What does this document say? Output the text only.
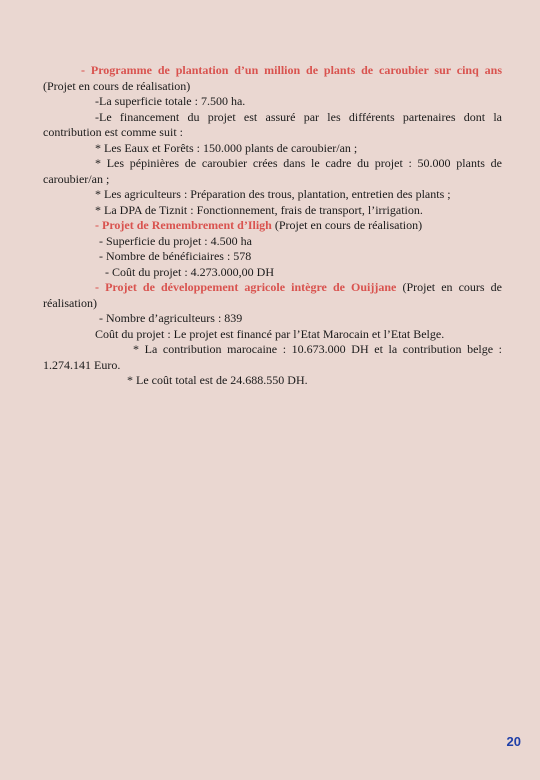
- Programme de plantation d’un million de plants de caroubier sur cinq ans (Projet en cours de réalisation)

-La superficie totale : 7.500 ha.

-Le financement du projet est assuré par les différents partenaires dont la contribution est comme suit :

* Les Eaux et Forêts : 150.000 plants de caroubier/an ;

* Les pépinières de caroubier crées dans le cadre du projet : 50.000 plants de caroubier/an ;

* Les agriculteurs : Préparation des trous, plantation, entretien des plants ;

* La DPA de Tiznit : Fonctionnement, frais de transport, l’irrigation.

- Projet de Remembrement d’Iligh (Projet en cours de réalisation)

- Superficie du projet : 4.500 ha

- Nombre de bénéficiaires : 578

- Coût du projet : 4.273.000,00 DH

- Projet de développement agricole intègre de Ouijjane (Projet en cours de réalisation)

- Nombre d’agriculteurs : 839

Coût du projet : Le projet est financé par l’Etat Marocain et l’Etat Belge.

* La contribution marocaine : 10.673.000 DH et la contribution belge : 1.274.141 Euro.

* Le coût total est de 24.688.550 DH.

20
